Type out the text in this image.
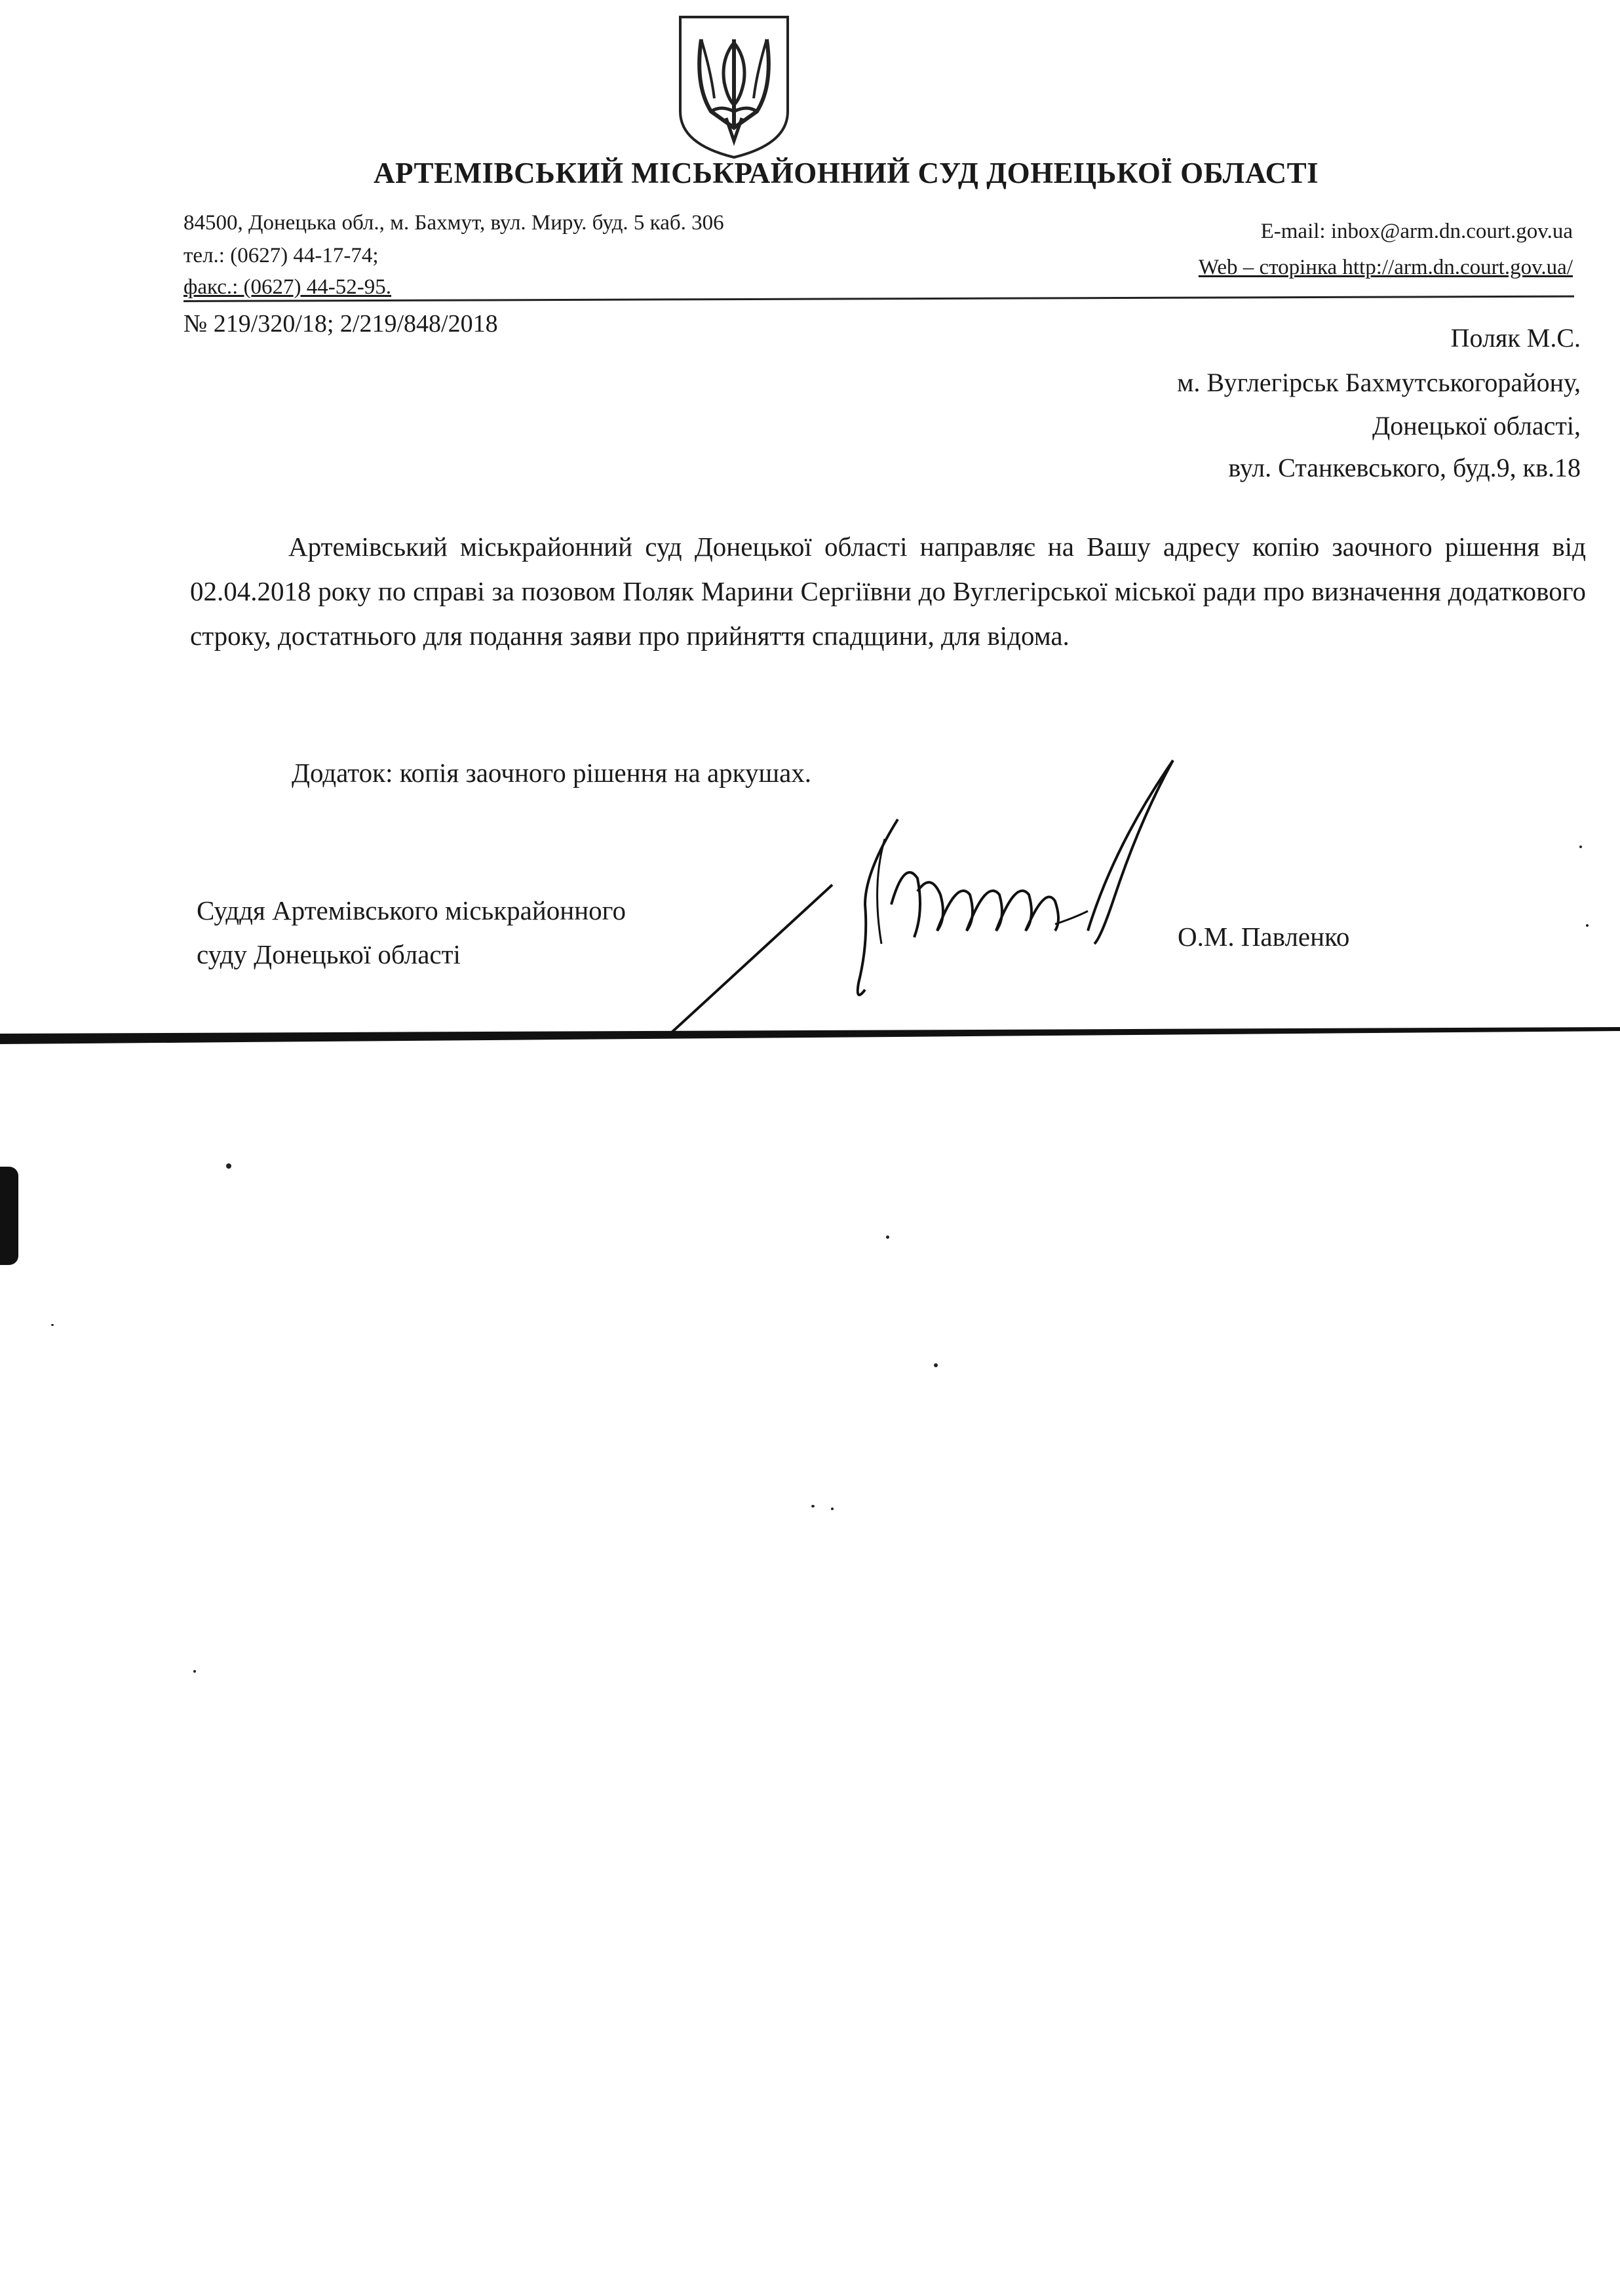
АРТЕМІВСЬКИЙ МІСЬКРАЙОННИЙ СУД ДОНЕЦЬКОЇ ОБЛАСТІ
84500, Донецька обл., м. Бахмут, вул. Миру. буд. 5 каб. 306
тел.: (0627) 44-17-74;
факс.: (0627) 44-52-95.
E-mail: inbox@arm.dn.court.gov.ua
Web – сторінка http://arm.dn.court.gov.ua/
№ 219/320/18; 2/219/848/2018	Поляк М.С.
м. Вуглегірськ Бахмутськогорайону,
Донецької області,
вул. Станкевського, буд.9, кв.18
Артемівський міськрайонний суд Донецької області направляє на Вашу адресу копію заочного рішення від 02.04.2018 року по справі за позовом Поляк Марини Сергіївни до Вуглегірської міської ради про визначення додаткового строку, достатнього для подання заяви про прийняття спадщини, для відома.
Додаток: копія заочного рішення на аркушах.
Суддя Артемівського міськрайонного
суду Донецької області
О.М. Павленко
